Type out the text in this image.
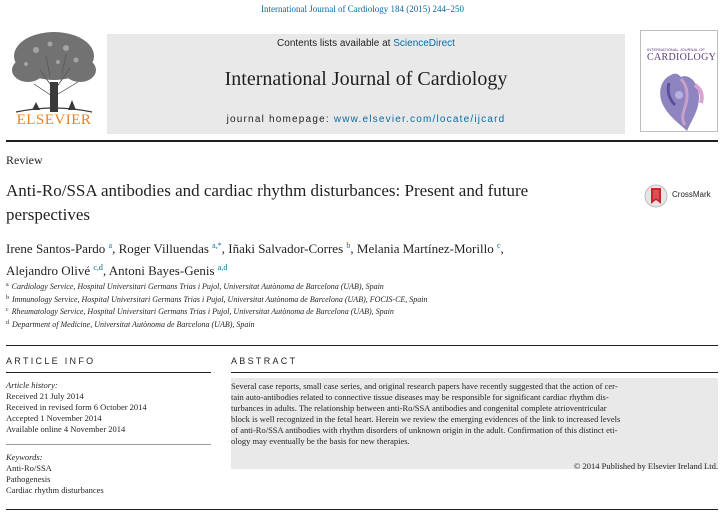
International Journal of Cardiology 184 (2015) 244–250
ELSEVIER
Contents lists available at ScienceDirect
International Journal of Cardiology
journal homepage: www.elsevier.com/locate/ijcard
INTERNATIONAL JOURNAL OF
CARDIOLOGY
Review
Anti-Ro/SSA antibodies and cardiac rhythm disturbances: Present and future perspectives
CrossMark
Irene Santos-Pardo $^a$, Roger Villuendas $^{a,*}$, Iñaki Salvador-Corres $^b$, Melania Martínez-Morillo $^c$,
Alejandro Olivé $^{c,d}$, Antoni Bayes-Genis $^{a,d}$
$^a$ Cardiology Service, Hospital Universitari Germans Trias i Pujol, Universitat Autònoma de Barcelona (UAB), Spain
$^b$ Immunology Service, Hospital Universitari Germans Trias i Pujol, Universitat Autònoma de Barcelona (UAB), FOCIS-CE, Spain
$^c$ Rheumatology Service, Hospital Universitari Germans Trias i Pujol, Universitat Autònoma de Barcelona (UAB), Spain
$^d$ Department of Medicine, Universitat Autònoma de Barcelona (UAB), Spain
ARTICLE INFO	ABSTRACT
Article history:
Received 21 July 2014
Received in revised form 6 October 2014
Accepted 1 November 2014
Available online 4 November 2014
Keywords:
Anti-Ro/SSA
Pathogenesis
Cardiac rhythm disturbances
Several case reports, small case series, and original research papers have recently suggested that the action of cer-
tain auto-antibodies related to connective tissue diseases may be responsible for significant cardiac rhythm dis-
turbances in adults. The relationship between anti-Ro/SSA antibodies and congenital complete atrioventricular
block is well recognized in the fetal heart. Herein we review the emerging evidences of the link to increased levels
of anti-Ro/SSA antibodies with rhythm disorders of unknown origin in the adult. Confirmation of this distinct eti-
ology may eventually be the basis for new therapies.
© 2014 Published by Elsevier Ireland Ltd.
